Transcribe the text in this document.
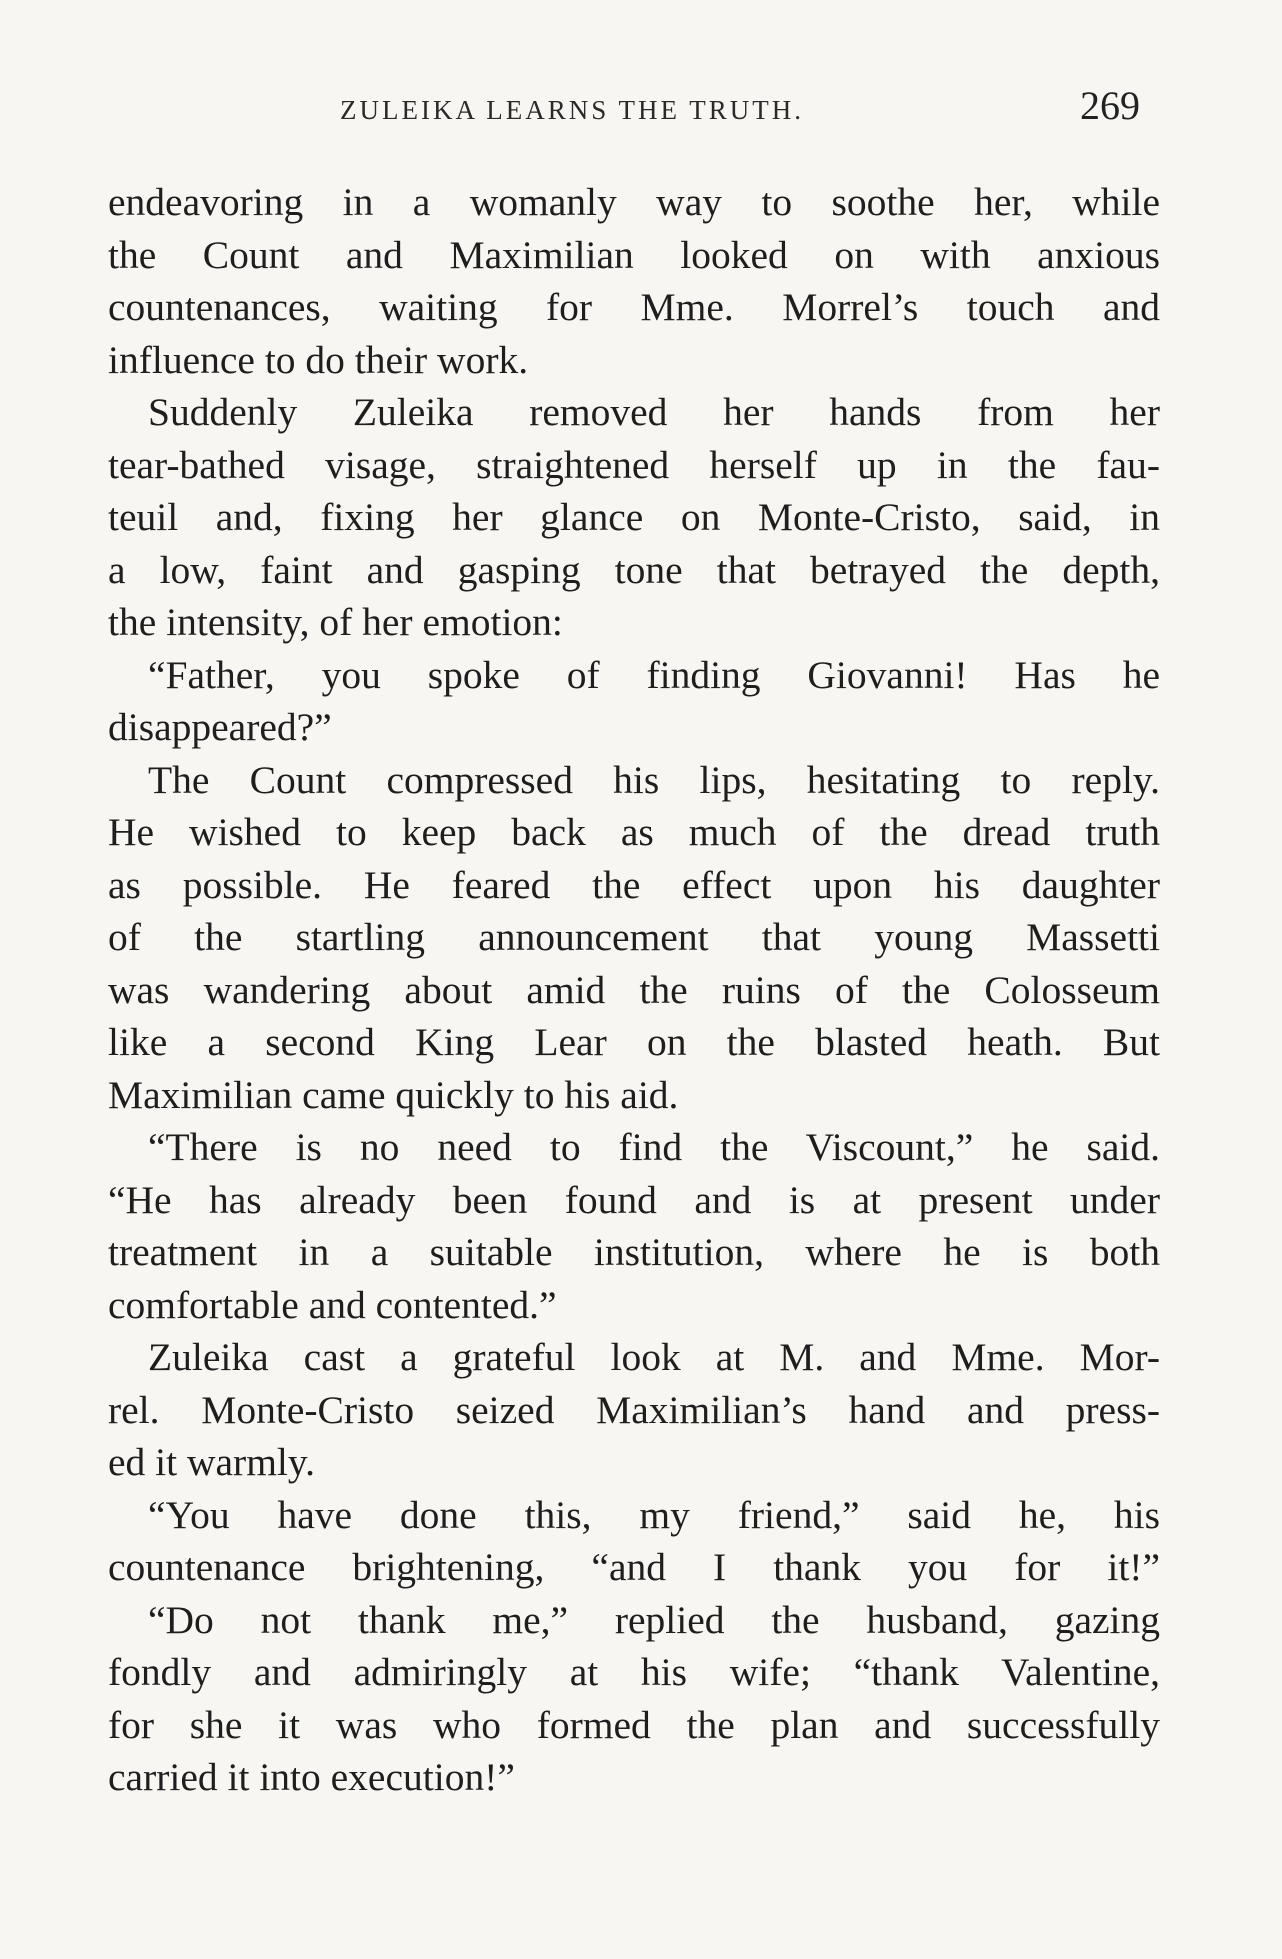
ZULEIKA LEARNS THE TRUTH.	269
endeavoring in a womanly way to soothe her, while
the Count and Maximilian looked on with anxious
countenances, waiting for Mme. Morrel’s touch and
influence to do their work.
Suddenly Zuleika removed her hands from her
tear-bathed visage, straightened herself up in the fau-
teuil and, fixing her glance on Monte-Cristo, said, in
a low, faint and gasping tone that betrayed the depth,
the intensity, of her emotion:
“Father, you spoke of finding Giovanni! Has he
disappeared?”
The Count compressed his lips, hesitating to reply.
He wished to keep back as much of the dread truth
as possible. He feared the effect upon his daughter
of the startling announcement that young Massetti
was wandering about amid the ruins of the Colosseum
like a second King Lear on the blasted heath. But
Maximilian came quickly to his aid.
“There is no need to find the Viscount,” he said.
“He has already been found and is at present under
treatment in a suitable institution, where he is both
comfortable and contented.”
Zuleika cast a grateful look at M. and Mme. Mor-
rel. Monte-Cristo seized Maximilian’s hand and press-
ed it warmly.
“You have done this, my friend,” said he, his
countenance brightening, “and I thank you for it!”
“Do not thank me,” replied the husband, gazing
fondly and admiringly at his wife; “thank Valentine,
for she it was who formed the plan and successfully
carried it into execution!”
